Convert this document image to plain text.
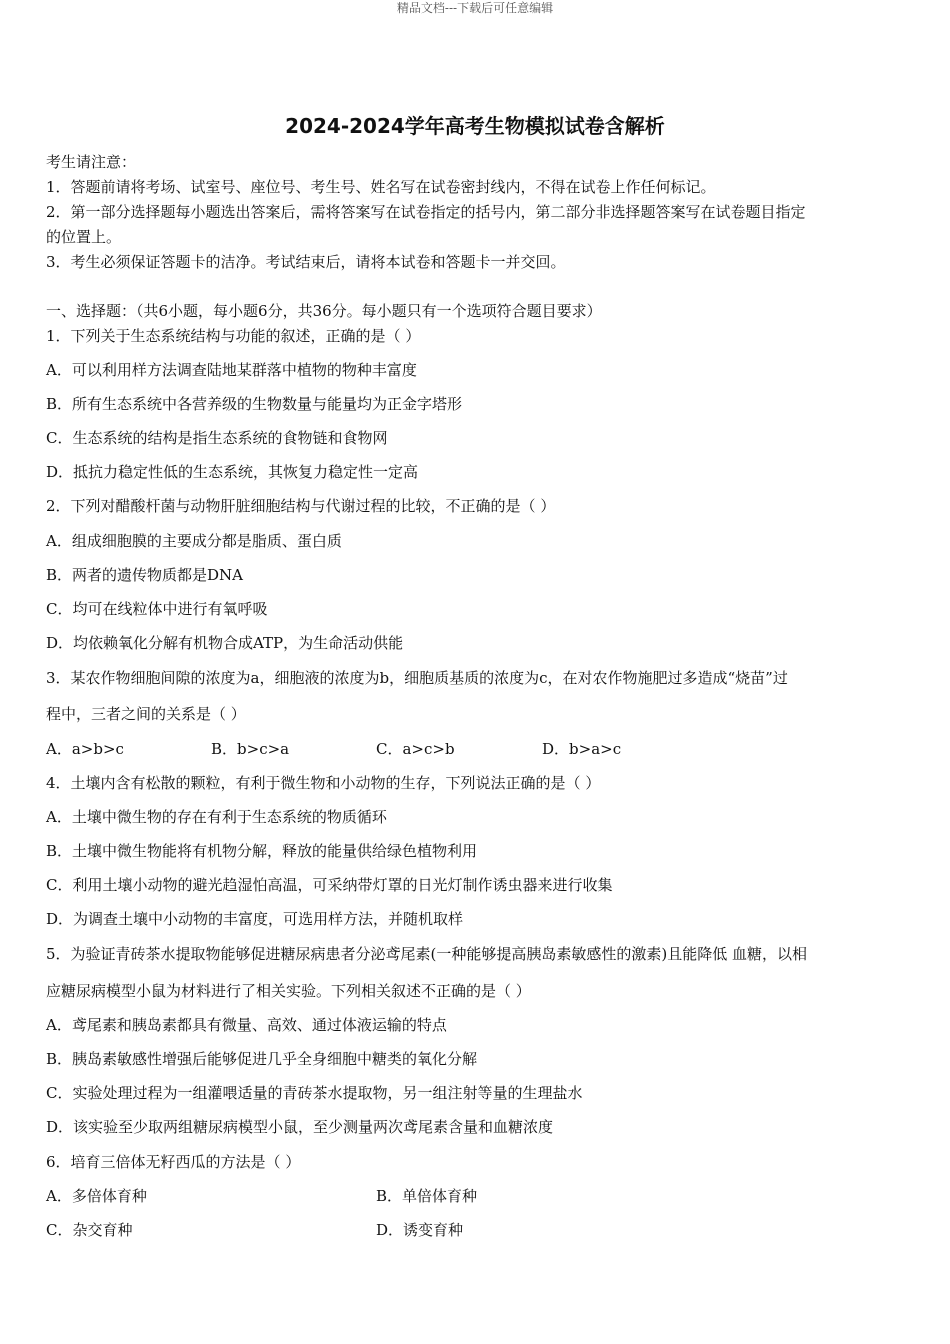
精品文档---下载后可任意编辑
2024-2024学年高考生物模拟试卷含解析

考生请注意：

1．答题前请将考场、试室号、座位号、考生号、姓名写在试卷密封线内，不得在试卷上作任何标记。

2．第一部分选择题每小题选出答案后，需将答案写在试卷指定的括号内，第二部分非选择题答案写在试卷题目指定

的位置上。

3．考生必须保证答题卡的洁净。考试结束后，请将本试卷和答题卡一并交回。

一、选择题：（共6小题，每小题6分，共36分。每小题只有一个选项符合题目要求）
1．下列关于生态系统结构与功能的叙述，正确的是（ ）
A．可以利用样方法调查陆地某群落中植物的物种丰富度
B．所有生态系统中各营养级的生物数量与能量均为正金字塔形
C．生态系统的结构是指生态系统的食物链和食物网
D．抵抗力稳定性低的生态系统，其恢复力稳定性一定高
2．下列对醋酸杆菌与动物肝脏细胞结构与代谢过程的比较，不正确的是（ ）
A．组成细胞膜的主要成分都是脂质、蛋白质
B．两者的遗传物质都是DNA
C．均可在线粒体中进行有氧呼吸
D．均依赖氧化分解有机物合成ATP，为生命活动供能
3．某农作物细胞间隙的浓度为a，细胞液的浓度为b，细胞质基质的浓度为c，在对农作物施肥过多造成“烧苗”过
程中，三者之间的关系是（ ）
A．a>b>c	B．b>c>a	C．a>c>b	D．b>a>c
4．土壤内含有松散的颗粒，有利于微生物和小动物的生存，下列说法正确的是（ ）
A．土壤中微生物的存在有利于生态系统的物质循环
B．土壤中微生物能将有机物分解，释放的能量供给绿色植物利用
C．利用土壤小动物的避光趋湿怕高温，可采纳带灯罩的日光灯制作诱虫器来进行收集
D．为调查土壤中小动物的丰富度，可选用样方法，并随机取样
5．为验证青砖茶水提取物能够促进糖尿病患者分泌鸢尾素(一种能够提高胰岛素敏感性的激素)且能降低 血糖，以相
应糖尿病模型小鼠为材料进行了相关实验。下列相关叙述不正确的是（ ）
A．鸢尾素和胰岛素都具有微量、高效、通过体液运输的特点
B．胰岛素敏感性增强后能够促进几乎全身细胞中糖类的氧化分解
C．实验处理过程为一组灌喂适量的青砖茶水提取物，另一组注射等量的生理盐水
D．该实验至少取两组糖尿病模型小鼠，至少测量两次鸢尾素含量和血糖浓度
6．培育三倍体无籽西瓜的方法是（ ）
A．多倍体育种	B．单倍体育种
C．杂交育种	D．诱变育种
